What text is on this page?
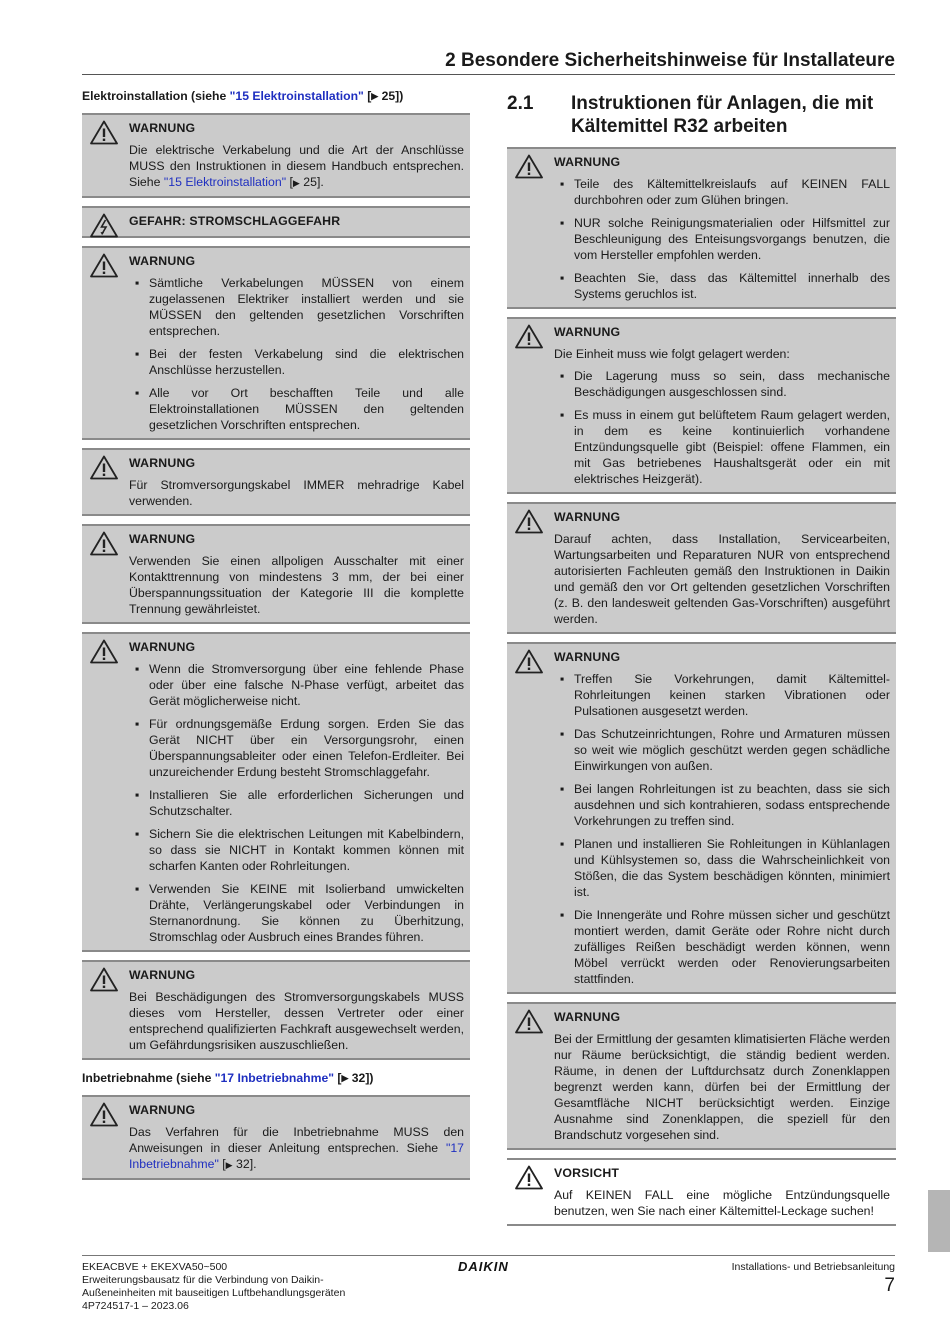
2 Besondere Sicherheitshinweise für Installateure

Elektroinstallation (siehe "15 Elektroinstallation" [▶ 25])

WARNUNG

Die elektrische Verkabelung und die Art der Anschlüsse MUSS den Instruktionen in diesem Handbuch entsprechen. Siehe "15 Elektroinstallation" [▶ 25].

GEFAHR: STROMSCHLAGGEFAHR
WARNUNG
▪ Sämtliche Verkabelungen MÜSSEN von einem zugelassenen Elektriker installiert werden und sie MÜSSEN den geltenden gesetzlichen Vorschriften entsprechen.
▪ Bei der festen Verkabelung sind die elektrischen Anschlüsse herzustellen.
▪ Alle vor Ort beschafften Teile und alle Elektroinstallationen MÜSSEN den geltenden gesetzlichen Vorschriften entsprechen.
WARNUNG

Für Stromversorgungskabel IMMER mehradrige Kabel verwenden.

WARNUNG

Verwenden Sie einen allpoligen Ausschalter mit einer Kontakttrennung von mindestens 3 mm, der bei einer Überspannungssituation der Kategorie III die komplette Trennung gewährleistet.

WARNUNG
▪ Wenn die Stromversorgung über eine fehlende Phase oder über eine falsche N-Phase verfügt, arbeitet das Gerät möglicherweise nicht.
▪ Für ordnungsgemäße Erdung sorgen. Erden Sie das Gerät NICHT über ein Versorgungsrohr, einen Überspannungsableiter oder einen Telefon-Erdleiter. Bei unzureichender Erdung besteht Stromschlaggefahr.
▪ Installieren Sie alle erforderlichen Sicherungen und Schutzschalter.
▪ Sichern Sie die elektrischen Leitungen mit Kabelbindern, so dass sie NICHT in Kontakt kommen können mit scharfen Kanten oder Rohrleitungen.
▪ Verwenden Sie KEINE mit Isolierband umwickelten Drähte, Verlängerungskabel oder Verbindungen in Sternanordnung. Sie können zu Überhitzung, Stromschlag oder Ausbruch eines Brandes führen.
WARNUNG

Bei Beschädigungen des Stromversorgungskabels MUSS dieses vom Hersteller, dessen Vertreter oder einer entsprechend qualifizierten Fachkraft ausgewechselt werden, um Gefährdungsrisiken auszuschließen.

Inbetriebnahme (siehe "17 Inbetriebnahme" [▶ 32])

WARNUNG

Das Verfahren für die Inbetriebnahme MUSS den Anweisungen in dieser Anleitung entsprechen. Siehe "17 Inbetriebnahme" [▶ 32].

2.1	Instruktionen für Anlagen, die mit Kältemittel R32 arbeiten
WARNUNG
▪ Teile des Kältemittelkreislaufs auf KEINEN FALL durchbohren oder zum Glühen bringen.
▪ NUR solche Reinigungsmaterialien oder Hilfsmittel zur Beschleunigung des Enteisungsvorgangs benutzen, die vom Hersteller empfohlen werden.
▪ Beachten Sie, dass das Kältemittel innerhalb des Systems geruchlos ist.
WARNUNG

Die Einheit muss wie folgt gelagert werden:

▪ Die Lagerung muss so sein, dass mechanische Beschädigungen ausgeschlossen sind.
▪ Es muss in einem gut belüftetem Raum gelagert werden, in dem es keine kontinuierlich vorhandene Entzündungsquelle gibt (Beispiel: offene Flammen, ein mit Gas betriebenes Haushaltsgerät oder ein mit elektrisches Heizgerät).
WARNUNG

Darauf achten, dass Installation, Servicearbeiten, Wartungsarbeiten und Reparaturen NUR von entsprechend autorisierten Fachleuten gemäß den Instruktionen in Daikin und gemäß den vor Ort geltenden gesetzlichen Vorschriften (z. B. den landesweit geltenden Gas-Vorschriften) ausgeführt werden.

WARNUNG
▪ Treffen Sie Vorkehrungen, damit Kältemittel-Rohrleitungen keinen starken Vibrationen oder Pulsationen ausgesetzt werden.
▪ Das Schutzeinrichtungen, Rohre und Armaturen müssen so weit wie möglich geschützt werden gegen schädliche Einwirkungen von außen.
▪ Bei langen Rohrleitungen ist zu beachten, dass sie sich ausdehnen und sich kontrahieren, sodass entsprechende Vorkehrungen zu treffen sind.
▪ Planen und installieren Sie Rohleitungen in Kühlanlagen und Kühlsystemen so, dass die Wahrscheinlichkeit von Stößen, die das System beschädigen könnten, minimiert ist.
▪ Die Innengeräte und Rohre müssen sicher und geschützt montiert werden, damit Geräte oder Rohre nicht durch zufälliges Reißen beschädigt werden können, wenn Möbel verrückt werden oder Renovierungsarbeiten stattfinden.
WARNUNG

Bei der Ermittlung der gesamten klimatisierten Fläche werden nur Räume berücksichtigt, die ständig bedient werden. Räume, in denen der Luftdurchsatz durch Zonenklappen begrenzt werden kann, dürfen bei der Ermittlung der Gesamtfläche NICHT berücksichtigt werden. Einzige Ausnahme sind Zonenklappen, die speziell für den Brandschutz vorgesehen sind.

VORSICHT

Auf KEINEN FALL eine mögliche Entzündungsquelle benutzen, wen Sie nach einer Kältemittel-Leckage suchen!

EKEACBVE + EKEXVA50~500
Erweiterungsbausatz für die Verbindung von Daikin-
Außeneinheiten mit bauseitigen Luftbehandlungsgeräten
4P724517-1 – 2023.06
DAIKIN	Installations- und Betriebsanleitung
7
